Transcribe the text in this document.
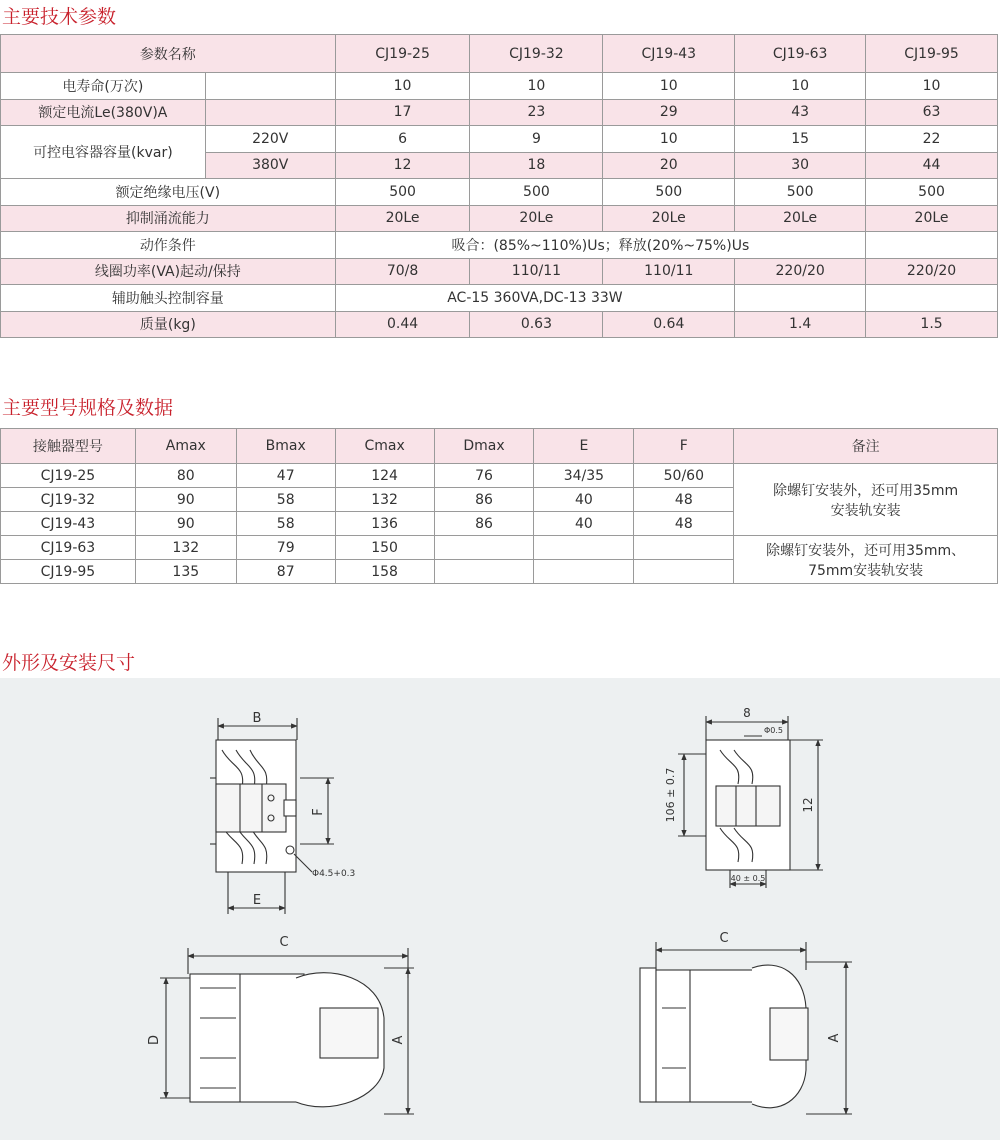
主要技术参数
参数名称		CJ19-25	CJ19-32	CJ19-43	CJ19-63	CJ19-95
电寿命(万次)		10	10	10	10	10
额定电流Le(380V)A		17	23	29	43	63
可控电容器容量(kvar)	220V	6	9	10	15	22
	380V	12	18	20	30	44
额定绝缘电压(V)		500	500	500	500	500
抑制涌流能力		20Le	20Le	20Le	20Le	20Le
动作条件		吸合：(85%~110%)Us；释放(20%~75%)Us				
线圈功率(VA)起动/保持		70/8	110/11	110/11	220/20	220/20
辅助触头控制容量		AC-15 360VA,DC-13 33W				
质量(kg)		0.44	0.63	0.64	1.4	1.5
主要型号规格及数据
接触器型号	Amax	Bmax	Cmax	Dmax	E	F	备注
CJ19-25	80	47	124	76	34/35	50/60	除螺钉安装外，还可用35mm
安装轨安装

CJ19-32	90	58	132	86	40	48	
CJ19-43	90	58	136	86	40	48	
CJ19-63	132	79	150				除螺钉安装外，还可用35mm、
75mm安装轨安装

CJ19-95	135	87	158				
外形及安装尺寸
B
F
E
Φ4.5+0.3
8
Φ0.5
106 ± 0.7	12
40 ± 0.5
C
D	A
C
A
